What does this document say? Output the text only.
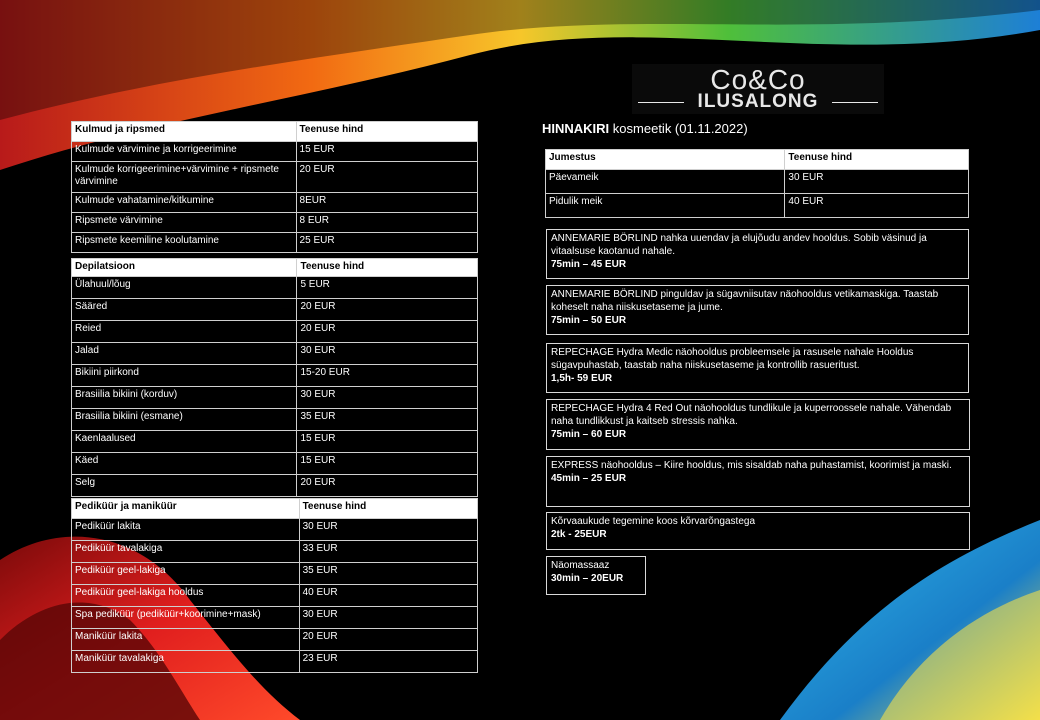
Co&Co
ILUSALONG
HINNAKIRI kosmeetik (01.11.2022)
Kulmud ja ripsmed	Teenuse hind
Kulmude värvimine ja korrigeerimine	15 EUR
Kulmude korrigeerimine+värvimine + ripsmete värvimine	20 EUR
Kulmude vahatamine/kitkumine	8EUR
Ripsmete värvimine	8 EUR
Ripsmete keemiline koolutamine	25 EUR
Depilatsioon	Teenuse hind
Ülahuul/lõug	5 EUR
Sääred	20 EUR
Reied	20 EUR
Jalad	30 EUR
Bikiini piirkond	15-20 EUR
Brasiilia bikiini (korduv)	30 EUR
Brasiilia bikiini (esmane)	35 EUR
Kaenlaalused	15 EUR
Käed	15 EUR
Selg	20 EUR
Pediküür ja maniküür	Teenuse hind
Pediküür lakita	30 EUR
Pediküür tavalakiga	33 EUR
Pediküür geel-lakiga	35 EUR
Pediküür geel-lakiga hooldus	40 EUR
Spa pediküür (pediküür+koorimine+mask)	30 EUR
Maniküür lakita	20 EUR
Maniküür tavalakiga	23 EUR
Jumestus	Teenuse hind
Päevameik	30 EUR
Pidulik meik	40 EUR
ANNEMARIE BÖRLIND nahka uuendav ja elujõudu andev hooldus. Sobib väsinud ja vitaalsuse kaotanud nahale.
75min – 45 EUR
ANNEMARIE BÖRLIND pinguldav ja sügavniisutav näohooldus vetikamaskiga. Taastab koheselt naha niiskusetaseme ja jume.
75min – 50 EUR
REPECHAGE Hydra Medic näohooldus probleemsele ja rasusele nahale Hooldus sügavpuhastab, taastab naha niiskusetaseme ja kontrollib rasueritust.
1,5h- 59 EUR
REPECHAGE Hydra 4 Red Out näohooldus tundlikule ja kuperroossele nahale. Vähendab naha tundlikkust ja kaitseb stressis nahka.
75min – 60 EUR
EXPRESS näohooldus – Kiire hooldus, mis sisaldab naha puhastamist, koorimist ja maski.
45min – 25 EUR
Kõrvaaukude tegemine koos kõrvarõngastega
2tk - 25EUR
Näomassaaz
30min – 20EUR
